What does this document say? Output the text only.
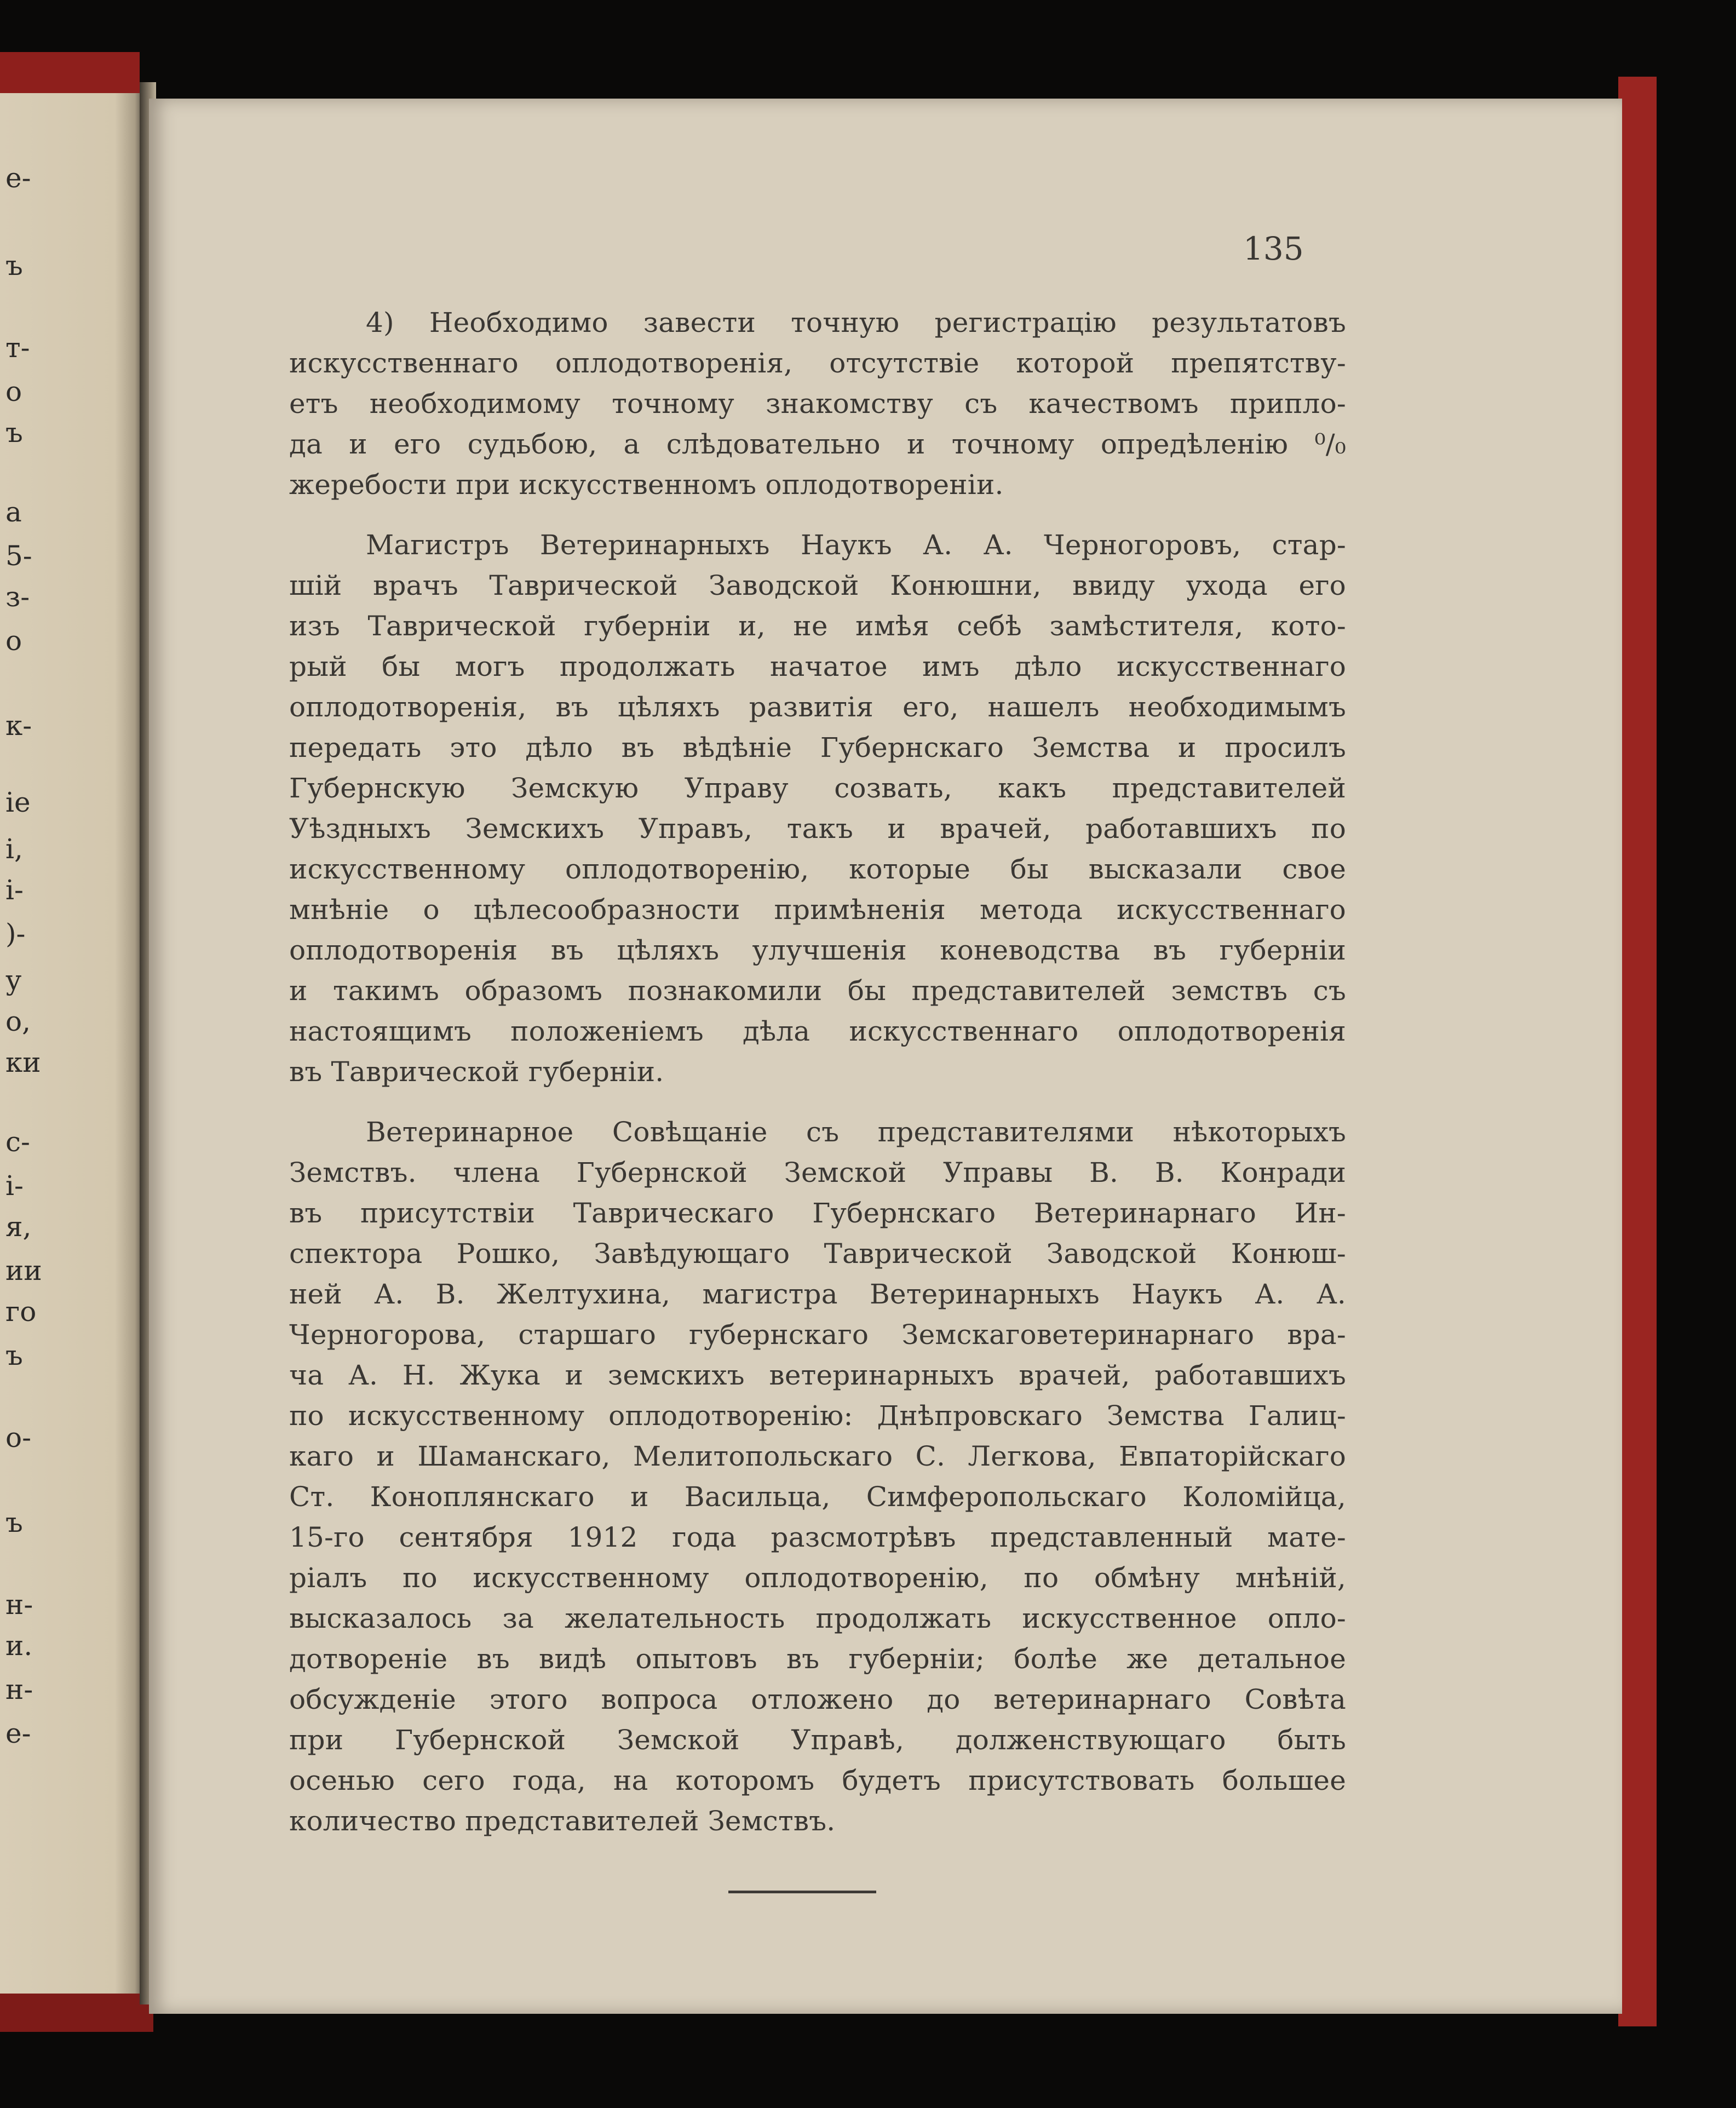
е-
ъ
т-
о
ъ
а
5-
з-
о
к-
іе
і,
і-
)-
у
о,
ки
с-
і-
я,
ии
го
ъ
о-
ъ
н-
и.
н-
е-
135
4) Необходимо завести точную регистрацію результатовъ
искусственнаго оплодотворенія, отсутствіе которой препятству-
етъ необходимому точному знакомству съ качествомъ припло-
да и его судьбою, а слѣдовательно и точному опредѣленію ⁰/₀
жеребости при искусственномъ оплодотвореніи.
Магистръ Ветеринарныхъ Наукъ А. А. Черногоровъ, стар-
шій врачъ Таврической Заводской Конюшни, ввиду ухода его
изъ Таврической губерніи и, не имѣя себѣ замѣстителя, кото-
рый бы могъ продолжать начатое имъ дѣло искусственнаго
оплодотворенія, въ цѣляхъ развитія его, нашелъ необходимымъ
передать это дѣло въ вѣдѣніе Губернскаго Земства и просилъ
Губернскую Земскую Управу созвать, какъ представителей
Уѣздныхъ Земскихъ Управъ, такъ и врачей, работавшихъ по
искусственному оплодотворенію, которые бы высказали свое
мнѣніе о цѣлесообразности примѣненія метода искусственнаго
оплодотворенія въ цѣляхъ улучшенія коневодства въ губерніи
и такимъ образомъ познакомили бы представителей земствъ съ
настоящимъ положеніемъ дѣла искусственнаго оплодотворенія
въ Таврической губерніи.
Ветеринарное Совѣщаніе съ представителями нѣкоторыхъ
Земствъ. члена Губернской Земской Управы В. В. Конради
въ присутствіи Таврическаго Губернскаго Ветеринарнаго Ин-
спектора Рошко, Завѣдующаго Таврической Заводской Конюш-
ней А. В. Желтухина, магистра Ветеринарныхъ Наукъ А. А.
Черногорова, старшаго губернскаго Земскаговетеринарнаго вра-
ча А. Н. Жука и земскихъ ветеринарныхъ врачей, работавшихъ
по искусственному оплодотворенію: Днѣпровскаго Земства Галиц-
каго и Шаманскаго, Мелитопольскаго С. Легкова, Евпаторійскаго
Ст. Коноплянскаго и Васильца, Симферопольскаго Коломійца,
15-го сентября 1912 года разсмотрѣвъ представленный мате-
ріалъ по искусственному оплодотворенію, по обмѣну мнѣній,
высказалось за желательность продолжать искусственное опло-
дотвореніе въ видѣ опытовъ въ губерніи; болѣе же детальное
обсужденіе этого вопроса отложено до ветеринарнаго Совѣта
при Губернской Земской Управѣ, долженствующаго быть
осенью сего года, на которомъ будетъ присутствовать большее
количество представителей Земствъ.
